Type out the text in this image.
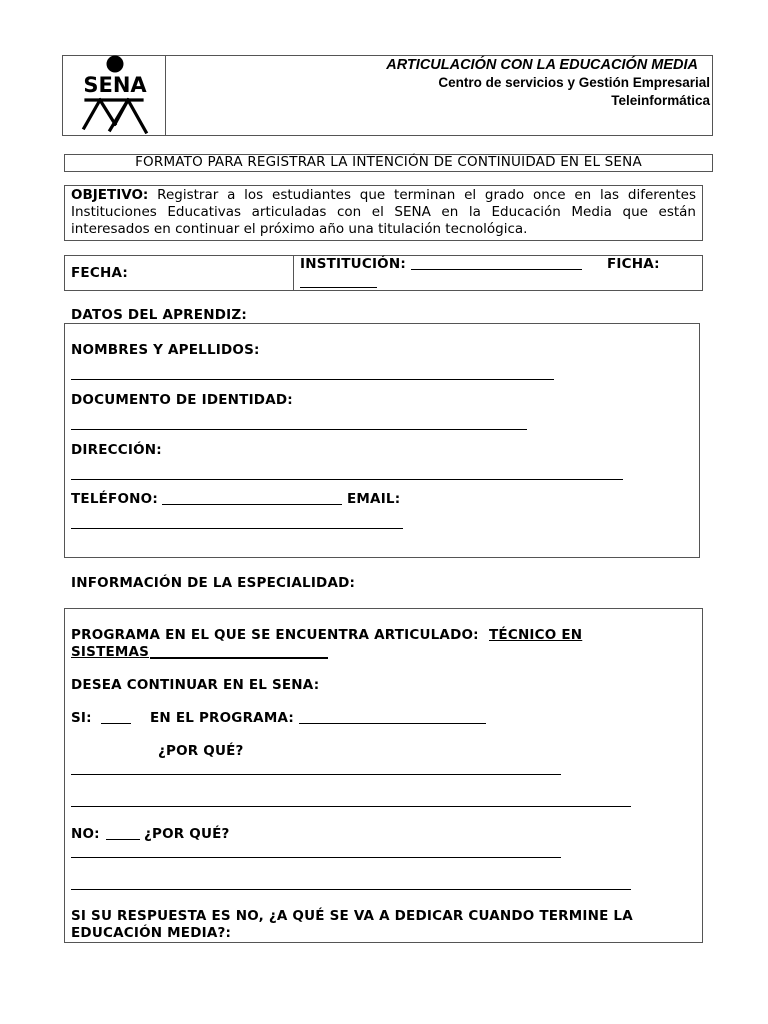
SENA
ARTICULACIÓN CON LA EDUCACIÓN MEDIA
Centro de servicios y Gestión Empresarial
Teleinformática
FORMATO PARA REGISTRAR LA INTENCIÓN DE CONTINUIDAD EN EL SENA
OBJETIVO: Registrar a los estudiantes que terminan el grado once en las diferentes
Instituciones Educativas articuladas con el SENA en la Educación Media que están
interesados en continuar el próximo año una titulación tecnológica.
FECHA:
INSTITUCIÓN:	FICHA:
DATOS DEL APRENDIZ:
NOMBRES Y APELLIDOS:
DOCUMENTO DE IDENTIDAD:
DIRECCIÓN:
TELÉFONO:	EMAIL:
INFORMACIÓN DE LA ESPECIALIDAD:
PROGRAMA EN EL QUE SE ENCUENTRA ARTICULADO: TÉCNICO EN
SISTEMAS
DESEA CONTINUAR EN EL SENA:
SI:	EN EL PROGRAMA:
¿POR QUÉ?
NO:	¿POR QUÉ?
SI SU RESPUESTA ES NO, ¿A QUÉ SE VA A DEDICAR CUANDO TERMINE LA
EDUCACIÓN MEDIA?:
